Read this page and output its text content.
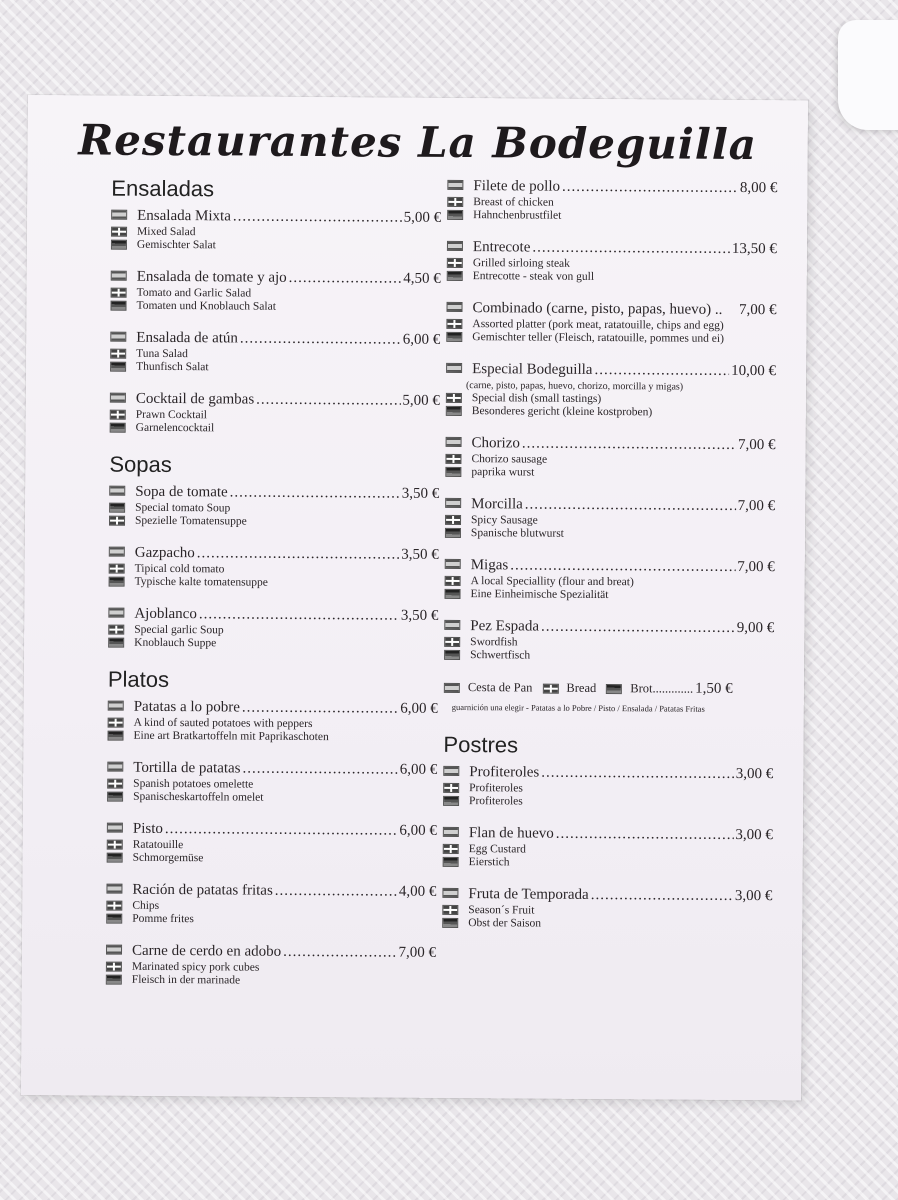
Restaurantes La Bodeguilla
Ensaladas
Ensalada Mixta .....	5,00 €
Mixed Salad
Gemischter Salat
Ensalada de tomate y ajo .....	4,50 €
Tomato and Garlic Salad
Tomaten und Knoblauch Salat
Ensalada de atún .....	6,00 €
Tuna Salad
Thunfisch Salat
Cocktail de gambas .....	5,00 €
Prawn Cocktail
Garnelencocktail
Sopas
Sopa de tomate .....	3,50 €
Special tomato Soup
Spezielle Tomatensuppe
Gazpacho .....	3,50 €
Tipical cold tomato
Typische kalte tomatensuppe
Ajoblanco .....	3,50 €
Special garlic Soup
Knoblauch Suppe
Platos
Patatas a lo pobre .....	6,00 €
A kind of sauted potatoes with peppers
Eine art Bratkartoffeln mit Paprikaschoten
Tortilla de patatas .....	6,00 €
Spanish potatoes omelette
Spanischeskartoffeln omelet
Pisto .....	6,00 €
Ratatouille
Schmorgemüse
Ración de patatas fritas .....	4,00 €
Chips
Pomme frites
Carne de cerdo en adobo .....	7,00 €
Marinated spicy pork cubes
Fleisch in der marinade
Filete de pollo .....	8,00 €
Breast of chicken
Hahnchenbrustfilet
Entrecote .....	13,50 €
Grilled sirloing steak
Entrecotte - steak von gull
Combinado (carne, pisto, papas, huevo) .. 7,00 €
Assorted platter (pork meat, ratatouille, chips and egg)
Gemischter teller (Fleisch, ratatouille, pommes und ei)
Especial Bodeguilla .....	10,00 €
(carne, pisto, papas, huevo, chorizo, morcilla y migas)
Special dish (small tastings)
Besonderes gericht (kleine kostproben)
Chorizo .....	7,00 €
Chorizo sausage
paprika wurst
Morcilla .....	7,00 €
Spicy Sausage
Spanische blutwurst
Migas .....	7,00 €
A local Speciallity (flour and breat)
Eine Einheimische Spezialität
Pez Espada .....	9,00 €
Swordfish
Schwertfisch
Cesta de Pan	Bread	Brot ............. 1,50 €
guarnición una elegir - Patatas a lo Pobre / Pisto / Ensalada / Patatas Fritas
Postres
Profiteroles .....	3,00 €
Profiteroles
Profiteroles
Flan de huevo .....	3,00 €
Egg Custard
Eierstich
Fruta de Temporada .....	3,00 €
Season´s Fruit
Obst der Saison
